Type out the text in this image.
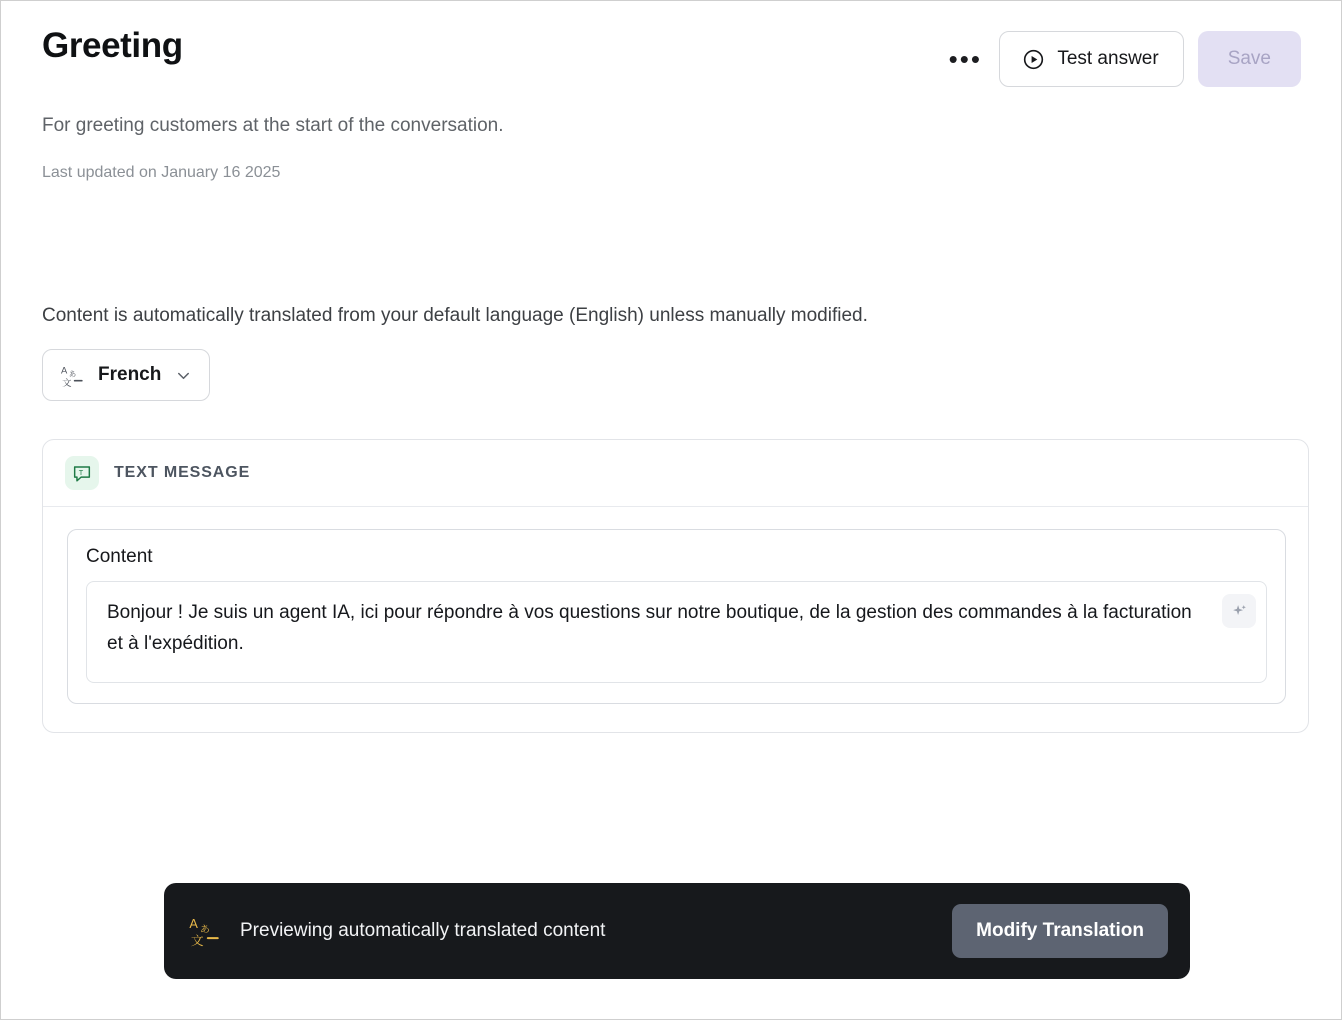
Greeting	•••	Test answer	Save
For greeting customers at the start of the conversation.
Last updated on January 16 2025
Content is automatically translated from your default language (English) unless manually modified.
A あ
文 French
T TEXT MESSAGE
Content
Bonjour ! Je suis un agent IA, ici pour répondre à vos questions sur notre boutique, de la gestion des commandes à la facturation et à l'expédition.
A あ
文 Previewing automatically translated content	Modify Translation
